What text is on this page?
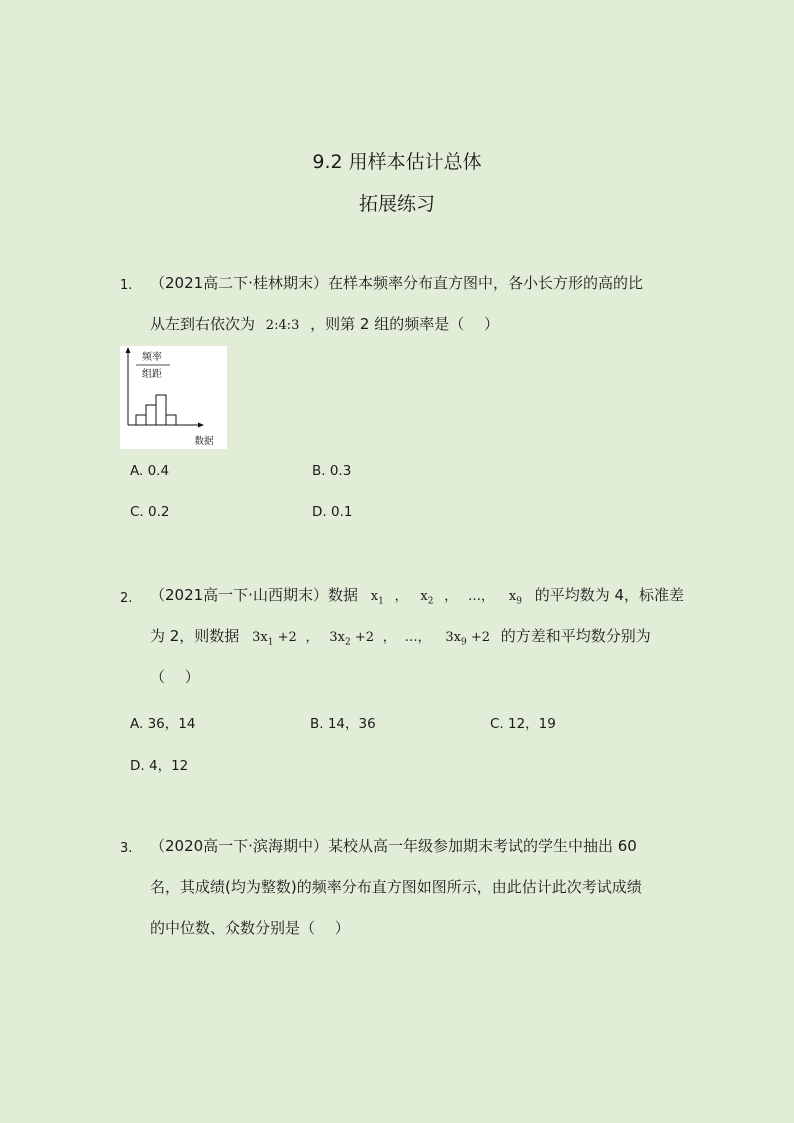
9.2 用样本估计总体
拓展练习
1. （2021高二下·桂林期末）在样本频率分布直方图中，各小长方形的高的比
从左到右依次为 2:4:3 ，则第 2 组的频率是（　 ）
频率
组距
数据
A. 0.4	B. 0.3
C. 0.2	D. 0.1
2. （2021高一下·山西期末）数据 $x_1$ ， $x_2$ ， …， $x_9$ 的平均数为 4，标准差
为 2，则数据 $3x_1 +2$ ， $3x_2 +2$ ， …， $3x_9 +2$ 的方差和平均数分别为
（　 ）
A. 36，14	B. 14，36	C. 12，19
D. 4，12
3. （2020高一下·滨海期中）某校从高一年级参加期末考试的学生中抽出 60
名，其成绩(均为整数)的频率分布直方图如图所示，由此估计此次考试成绩
的中位数、众数分别是（　 ）
